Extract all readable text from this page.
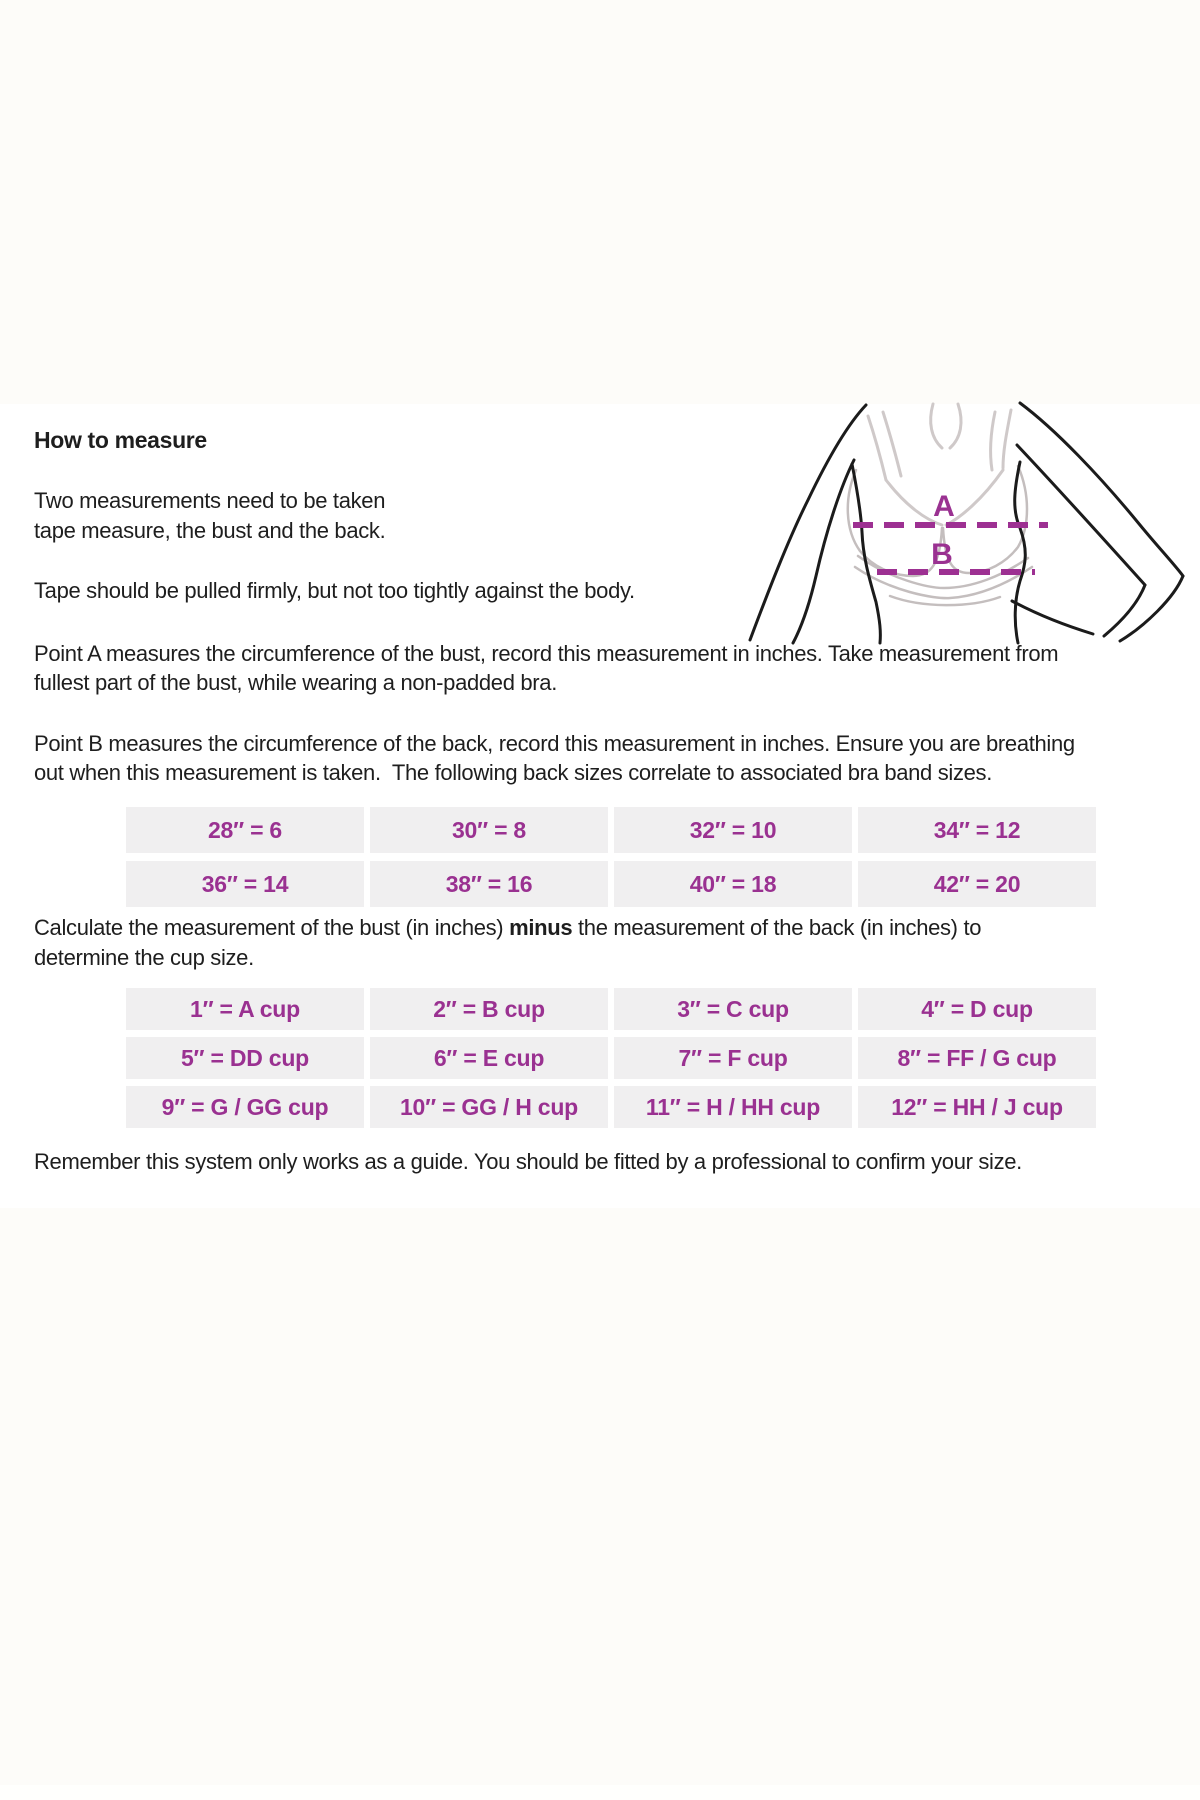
How to measure
Two measurements need to be taken
tape measure, the bust and the back.
Tape should be pulled firmly, but not too tightly against the body.
Point A measures the circumference of the bust, record this measurement in inches. Take measurement from
fullest part of the bust, while wearing a non-padded bra.
Point B measures the circumference of the back, record this measurement in inches. Ensure you are breathing
out when this measurement is taken.  The following back sizes correlate to associated bra band sizes.
28″ = 6	30″ = 8	32″ = 10	34″ = 12
36″ = 14	38″ = 16	40″ = 18	42″ = 20
Calculate the measurement of the bust (in inches) minus the measurement of the back (in inches) to
determine the cup size.
1″ = A cup	2″ = B cup	3″ = C cup	4″ = D cup
5″ = DD cup	6″ = E cup	7″ = F cup	8″ = FF / G cup
9″ = G / GG cup	10″ = GG / H cup	11″ = H / HH cup	12″ = HH / J cup
Remember this system only works as a guide. You should be fitted by a professional to confirm your size.
A
B
